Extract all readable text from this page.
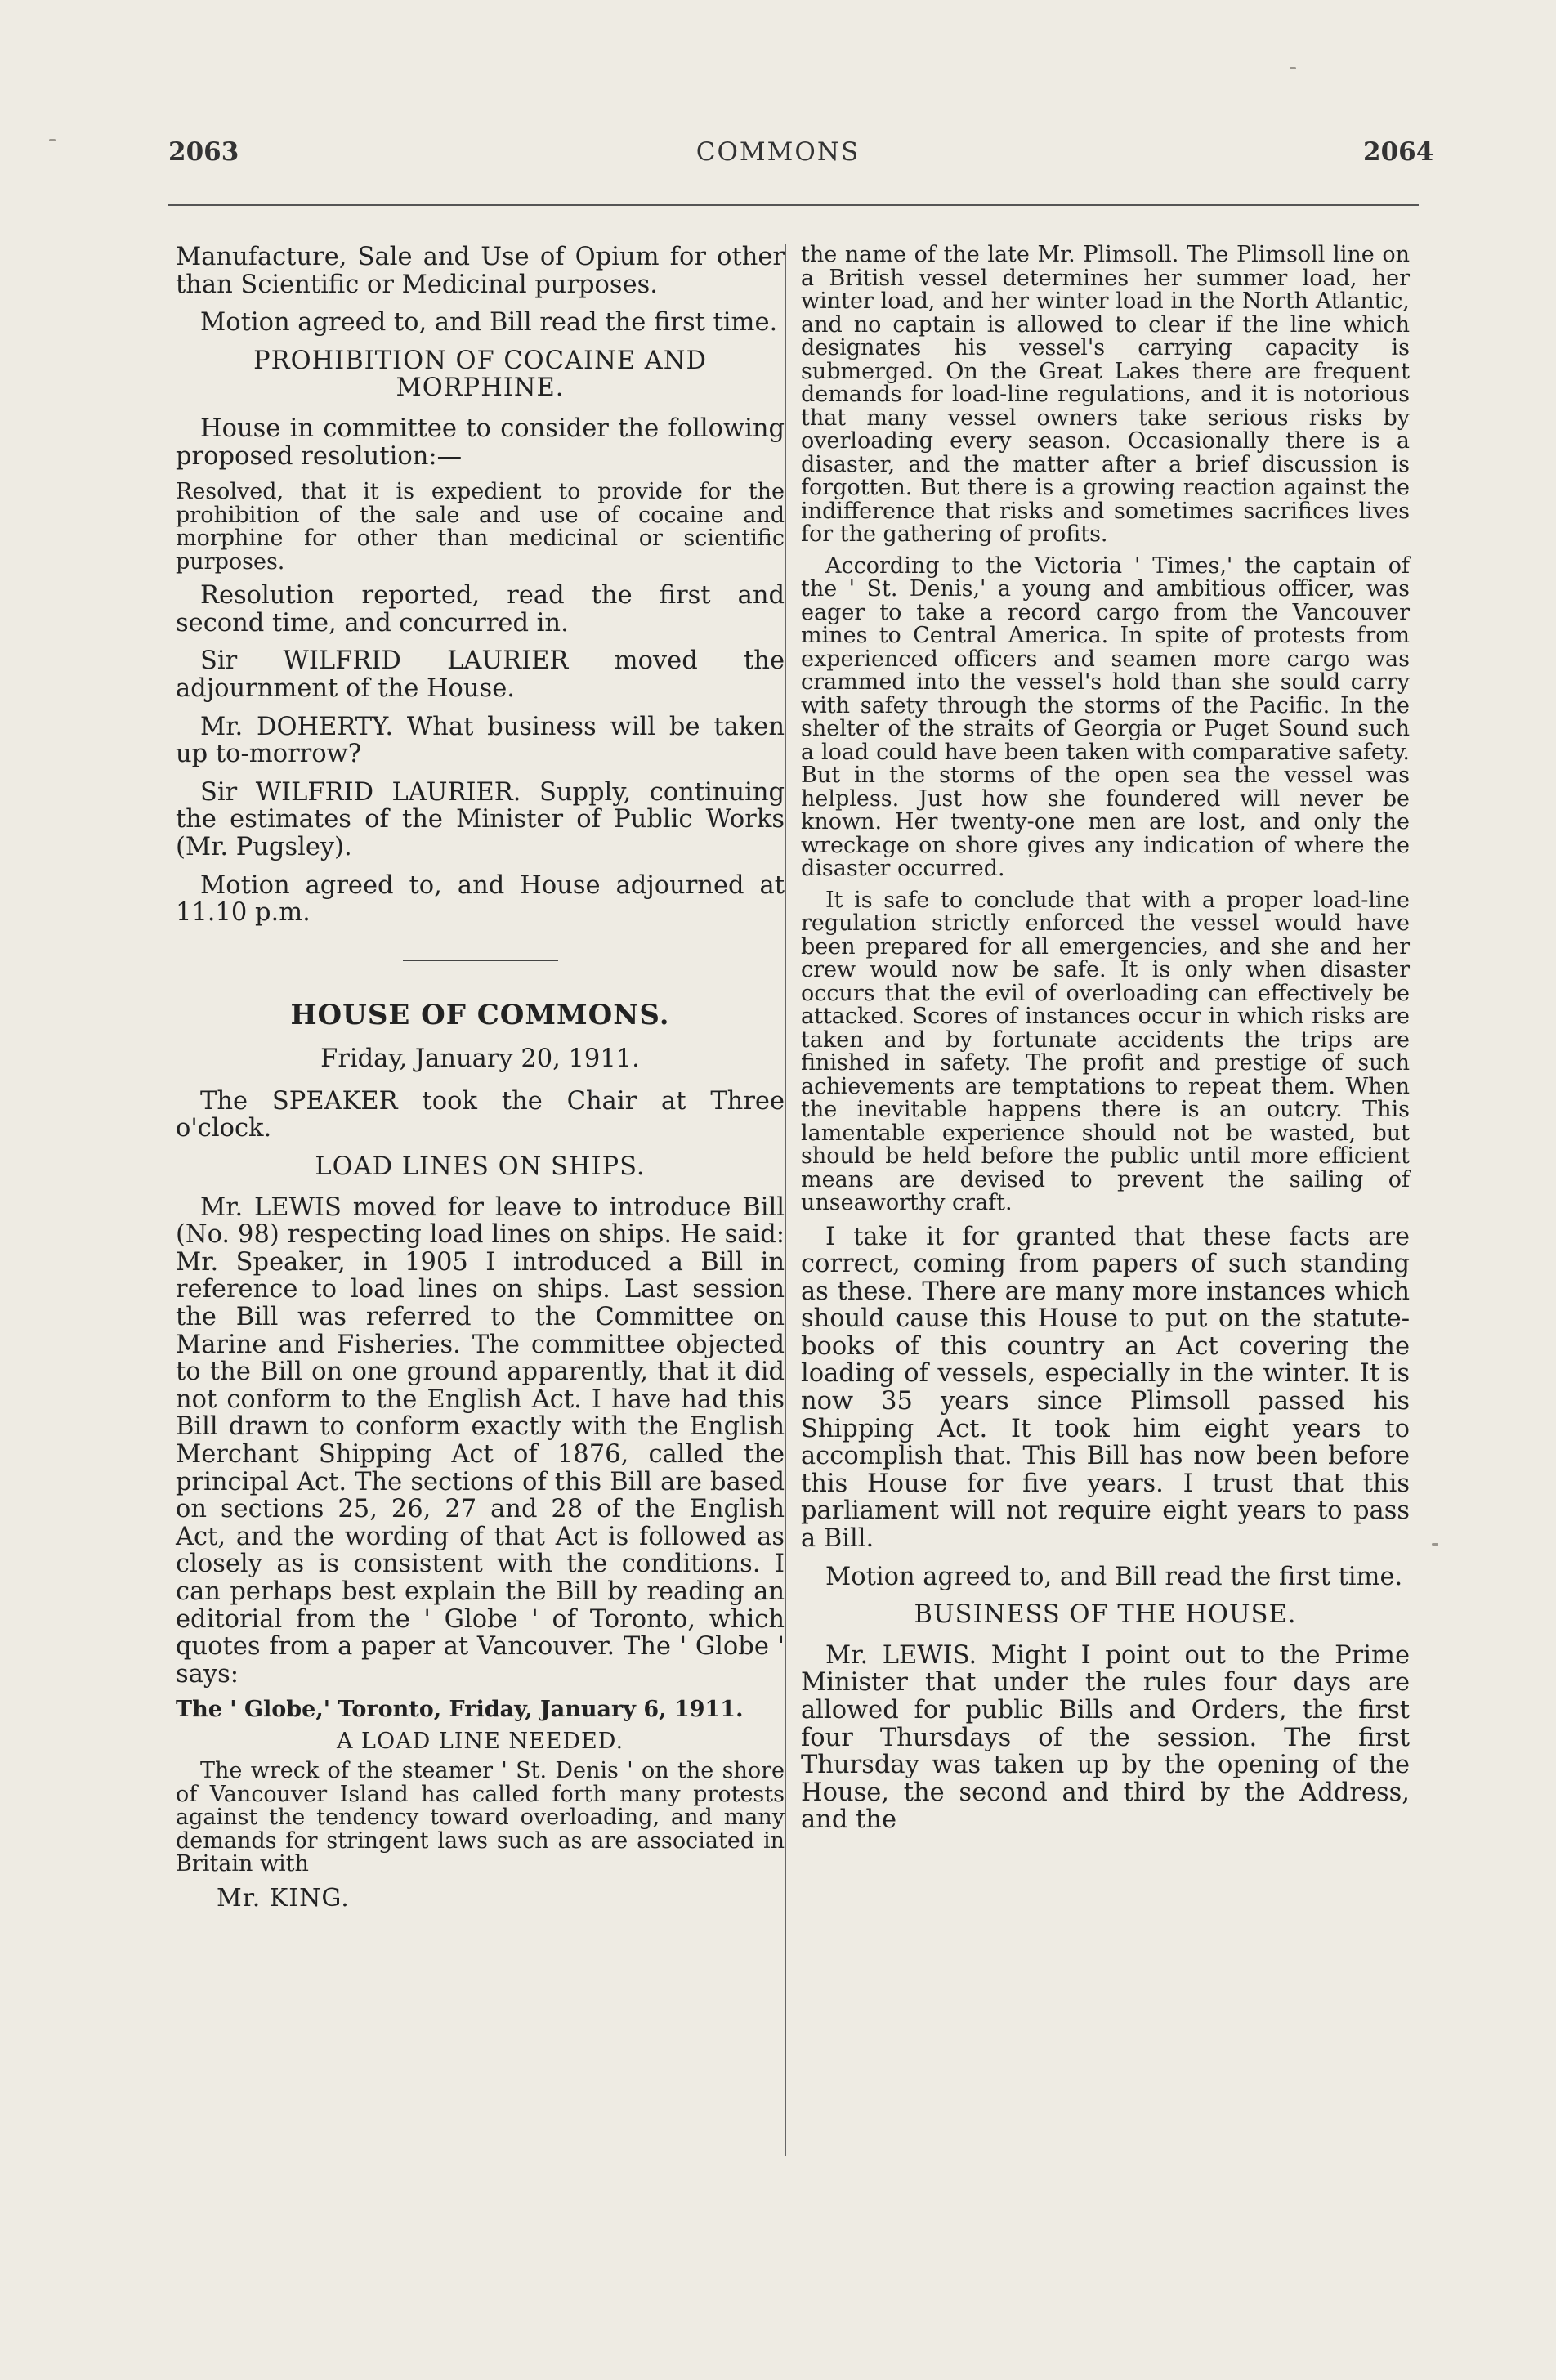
2063	COMMONS	2064

Manufacture, Sale and Use of Opium for other than Scientific or Medicinal purposes.

Motion agreed to, and Bill read the first time.

PROHIBITION OF COCAINE AND MORPHINE.

House in committee to consider the following proposed resolution:—

Resolved, that it is expedient to provide for the prohibition of the sale and use of cocaine and morphine for other than medicinal or scientific purposes.

Resolution reported, read the first and second time, and concurred in.

Sir WILFRID LAURIER moved the adjournment of the House.

Mr. DOHERTY. What business will be taken up to-morrow?

Sir WILFRID LAURIER. Supply, continuing the estimates of the Minister of Public Works (Mr. Pugsley).

Motion agreed to, and House adjourned at 11.10 p.m.

HOUSE OF COMMONS.
Friday, January 20, 1911.

The SPEAKER took the Chair at Three o'clock.

LOAD LINES ON SHIPS.

Mr. LEWIS moved for leave to introduce Bill (No. 98) respecting load lines on ships. He said: Mr. Speaker, in 1905 I introduced a Bill in reference to load lines on ships. Last session the Bill was referred to the Committee on Marine and Fisheries. The committee objected to the Bill on one ground apparently, that it did not conform to the English Act. I have had this Bill drawn to conform exactly with the English Merchant Shipping Act of 1876, called the principal Act. The sections of this Bill are based on sections 25, 26, 27 and 28 of the English Act, and the wording of that Act is followed as closely as is consistent with the conditions. I can perhaps best explain the Bill by reading an editorial from the ' Globe ' of Toronto, which quotes from a paper at Vancouver. The ' Globe ' says:

The ' Globe,' Toronto, Friday, January 6, 1911.

A LOAD LINE NEEDED.

The wreck of the steamer ' St. Denis ' on the shore of Vancouver Island has called forth many protests against the tendency toward overloading, and many demands for stringent laws such as are associated in Britain with

Mr. KING.

the name of the late Mr. Plimsoll. The Plimsoll line on a British vessel determines her summer load, her winter load, and her winter load in the North Atlantic, and no captain is allowed to clear if the line which designates his vessel's carrying capacity is submerged. On the Great Lakes there are frequent demands for load-line regulations, and it is notorious that many vessel owners take serious risks by overloading every season. Occasionally there is a disaster, and the matter after a brief discussion is forgotten. But there is a growing reaction against the indifference that risks and sometimes sacrifices lives for the gathering of profits.

According to the Victoria ' Times,' the captain of the ' St. Denis,' a young and ambitious officer, was eager to take a record cargo from the Vancouver mines to Central America. In spite of protests from experienced officers and seamen more cargo was crammed into the vessel's hold than she sould carry with safety through the storms of the Pacific. In the shelter of the straits of Georgia or Puget Sound such a load could have been taken with comparative safety. But in the storms of the open sea the vessel was helpless. Just how she foundered will never be known. Her twenty-one men are lost, and only the wreckage on shore gives any indication of where the disaster occurred.

It is safe to conclude that with a proper load-line regulation strictly enforced the vessel would have been prepared for all emergencies, and she and her crew would now be safe. It is only when disaster occurs that the evil of overloading can effectively be attacked. Scores of instances occur in which risks are taken and by fortunate accidents the trips are finished in safety. The profit and prestige of such achievements are temptations to repeat them. When the inevitable happens there is an outcry. This lamentable experience should not be wasted, but should be held before the public until more efficient means are devised to prevent the sailing of unseaworthy craft.

I take it for granted that these facts are correct, coming from papers of such standing as these. There are many more instances which should cause this House to put on the statute-books of this country an Act covering the loading of vessels, especially in the winter. It is now 35 years since Plimsoll passed his Shipping Act. It took him eight years to accomplish that. This Bill has now been before this House for five years. I trust that this parliament will not require eight years to pass a Bill.

Motion agreed to, and Bill read the first time.

BUSINESS OF THE HOUSE.

Mr. LEWIS. Might I point out to the Prime Minister that under the rules four days are allowed for public Bills and Orders, the first four Thursdays of the session. The first Thursday was taken up by the opening of the House, the second and third by the Address, and the
